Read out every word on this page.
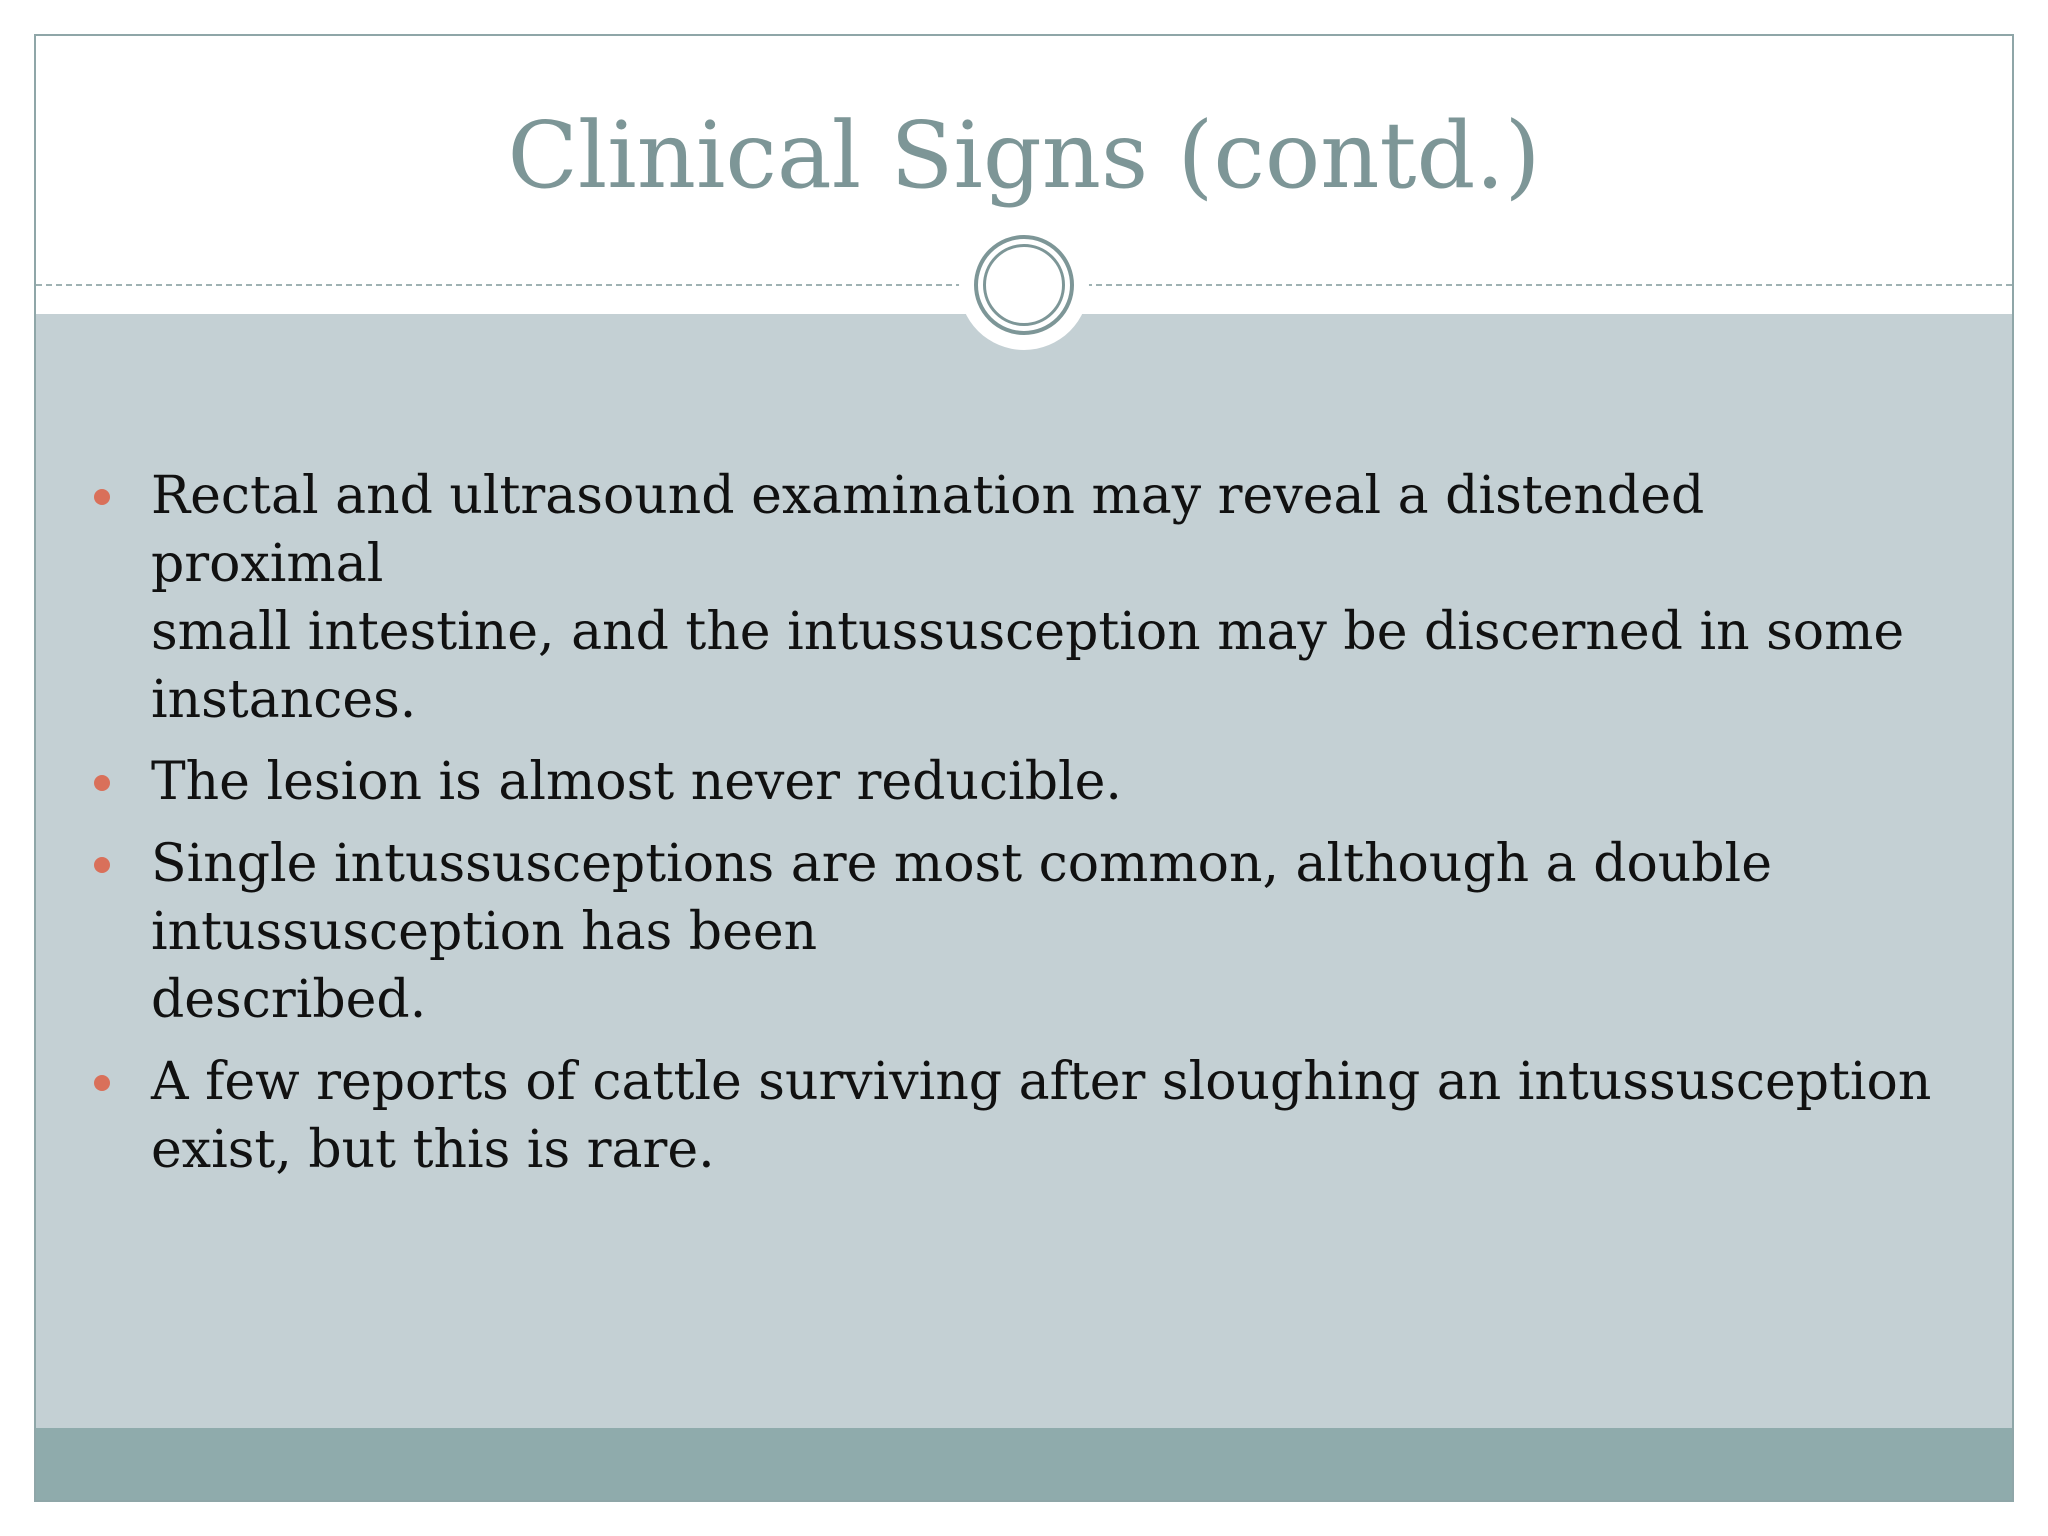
Clinical Signs (contd.)
Rectal and ultrasound examination may reveal a distended proximal
small intestine, and the intussusception may be discerned in some
instances.
The lesion is almost never reducible.
Single intussusceptions are most common, although a double
intussusception has been
described.
A few reports of cattle surviving after sloughing an intussusception
exist, but this is rare.
